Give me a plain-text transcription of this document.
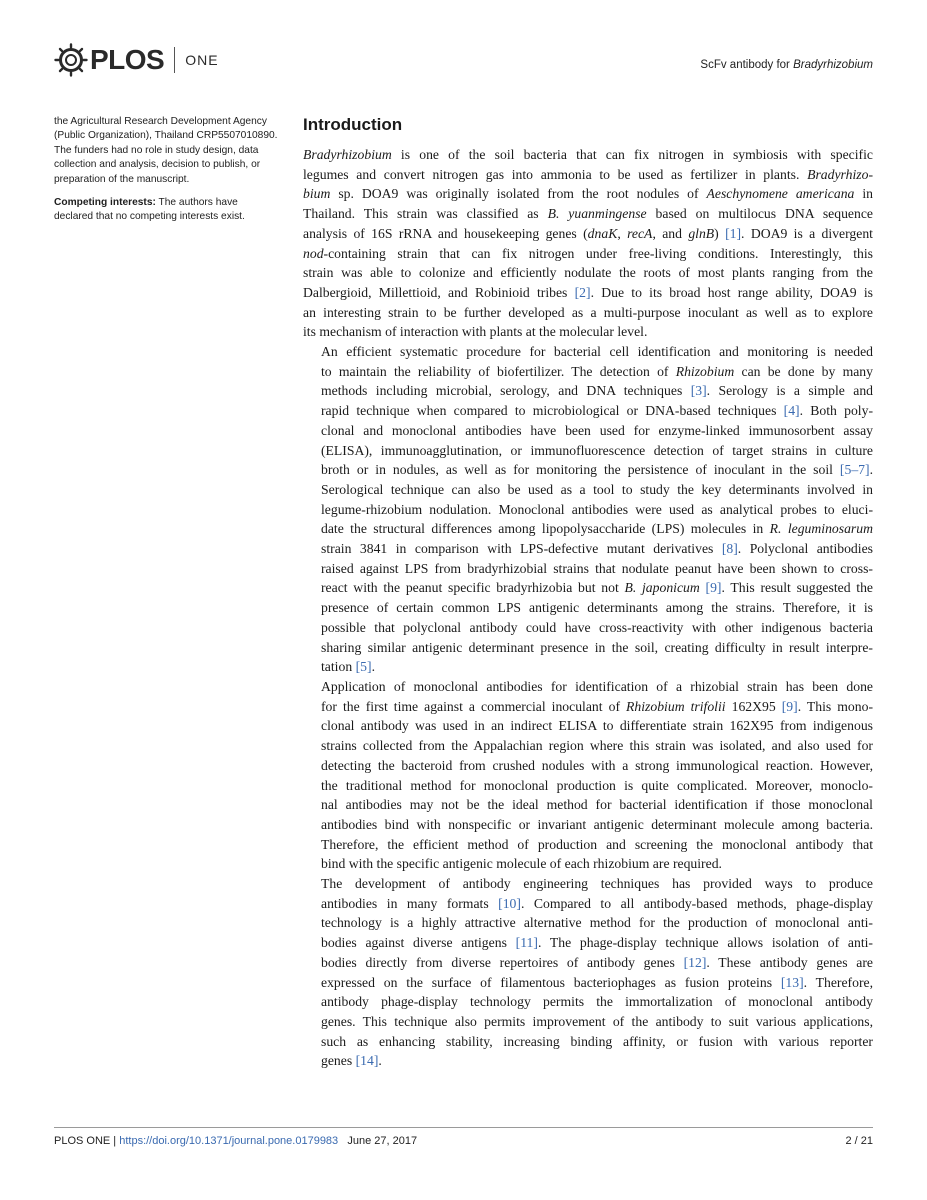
PLOS ONE	ScFv antibody for Bradyrhizobium

the Agricultural Research Development Agency (Public Organization), Thailand CRP5507010890. The funders had no role in study design, data collection and analysis, decision to publish, or preparation of the manuscript.

Competing interests: The authors have declared that no competing interests exist.

Introduction

Bradyrhizobium is one of the soil bacteria that can fix nitrogen in symbiosis with specific
legumes and convert nitrogen gas into ammonia to be used as fertilizer in plants. Bradyrhizo-
bium sp. DOA9 was originally isolated from the root nodules of Aeschynomene americana in
Thailand. This strain was classified as B. yuanmingense based on multilocus DNA sequence
analysis of 16S rRNA and housekeeping genes (dnaK, recA, and glnB) [1]. DOA9 is a divergent
nod-containing strain that can fix nitrogen under free-living conditions. Interestingly, this
strain was able to colonize and efficiently nodulate the roots of most plants ranging from the
Dalbergioid, Millettioid, and Robinioid tribes [2]. Due to its broad host range ability, DOA9 is
an interesting strain to be further developed as a multi-purpose inoculant as well as to explore
its mechanism of interaction with plants at the molecular level.

An efficient systematic procedure for bacterial cell identification and monitoring is needed
to maintain the reliability of biofertilizer. The detection of Rhizobium can be done by many
methods including microbial, serology, and DNA techniques [3]. Serology is a simple and
rapid technique when compared to microbiological or DNA-based techniques [4]. Both poly-
clonal and monoclonal antibodies have been used for enzyme-linked immunosorbent assay
(ELISA), immunoagglutination, or immunofluorescence detection of target strains in culture
broth or in nodules, as well as for monitoring the persistence of inoculant in the soil [5–7].
Serological technique can also be used as a tool to study the key determinants involved in
legume-rhizobium nodulation. Monoclonal antibodies were used as analytical probes to eluci-
date the structural differences among lipopolysaccharide (LPS) molecules in R. leguminosarum
strain 3841 in comparison with LPS-defective mutant derivatives [8]. Polyclonal antibodies
raised against LPS from bradyrhizobial strains that nodulate peanut have been shown to cross-
react with the peanut specific bradyrhizobia but not B. japonicum [9]. This result suggested the
presence of certain common LPS antigenic determinants among the strains. Therefore, it is
possible that polyclonal antibody could have cross-reactivity with other indigenous bacteria
sharing similar antigenic determinant presence in the soil, creating difficulty in result interpre-
tation [5].

Application of monoclonal antibodies for identification of a rhizobial strain has been done
for the first time against a commercial inoculant of Rhizobium trifolii 162X95 [9]. This mono-
clonal antibody was used in an indirect ELISA to differentiate strain 162X95 from indigenous
strains collected from the Appalachian region where this strain was isolated, and also used for
detecting the bacteroid from crushed nodules with a strong immunological reaction. However,
the traditional method for monoclonal production is quite complicated. Moreover, monoclo-
nal antibodies may not be the ideal method for bacterial identification if those monoclonal
antibodies bind with nonspecific or invariant antigenic determinant molecule among bacteria.
Therefore, the efficient method of production and screening the monoclonal antibody that
bind with the specific antigenic molecule of each rhizobium are required.

The development of antibody engineering techniques has provided ways to produce
antibodies in many formats [10]. Compared to all antibody-based methods, phage-display
technology is a highly attractive alternative method for the production of monoclonal anti-
bodies against diverse antigens [11]. The phage-display technique allows isolation of anti-
bodies directly from diverse repertoires of antibody genes [12]. These antibody genes are
expressed on the surface of filamentous bacteriophages as fusion proteins [13]. Therefore,
antibody phage-display technology permits the immortalization of monoclonal antibody
genes. This technique also permits improvement of the antibody to suit various applications,
such as enhancing stability, increasing binding affinity, or fusion with various reporter
genes [14].

PLOS ONE | https://doi.org/10.1371/journal.pone.0179983   June 27, 2017	2 / 21
